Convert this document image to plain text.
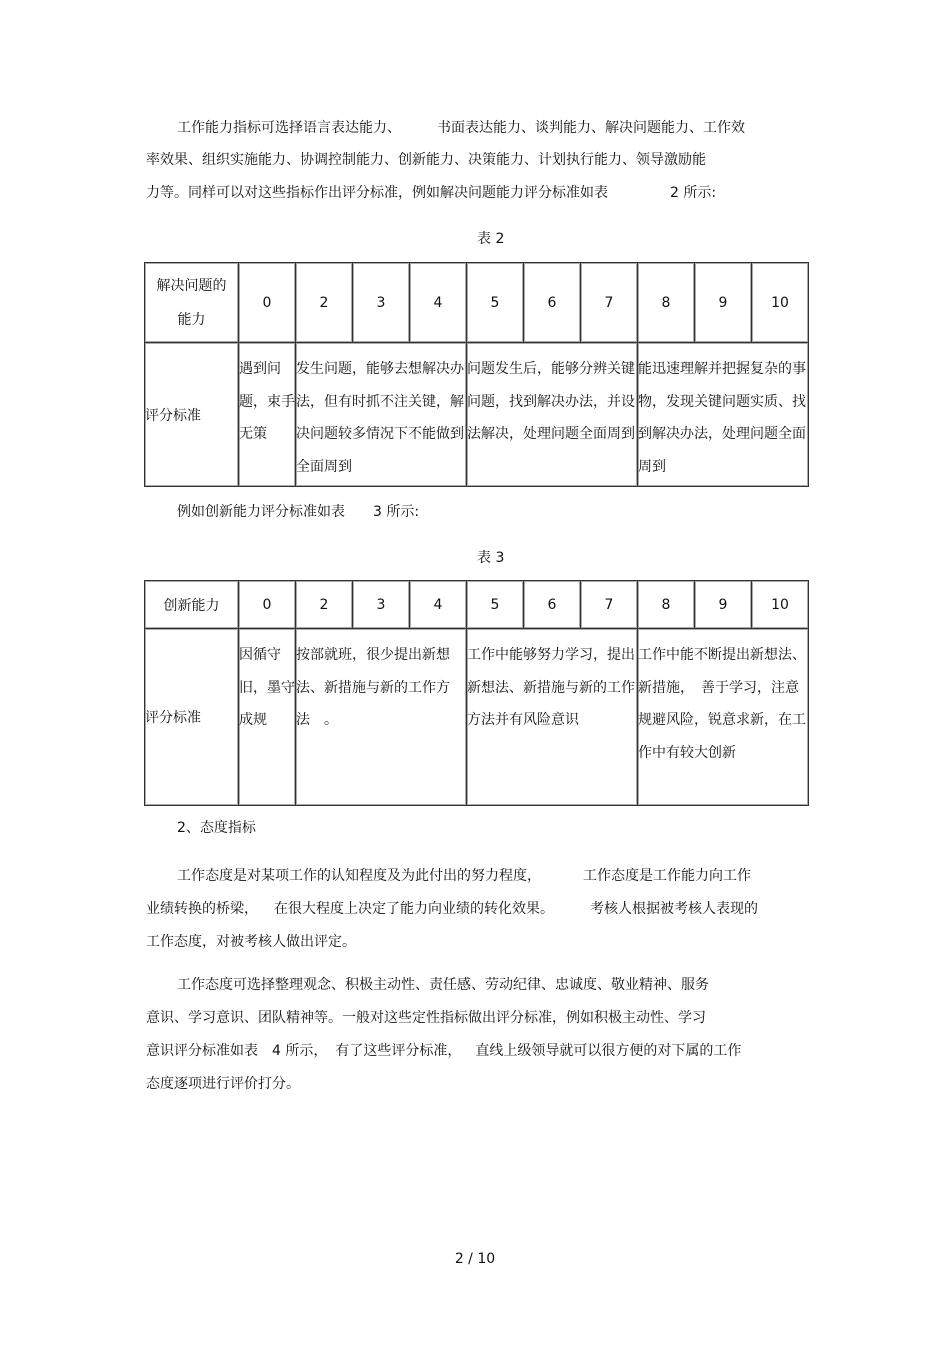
工作能力指标可选择语言表达能力、	书面表达能力、谈判能力、解决问题能力、工作效
率效果、组织实施能力、协调控制能力、创新能力、决策能力、计划执行能力、领导激励能
力等。同样可以对这些指标作出评分标准，例如解决问题能力评分标准如表	2 所示:
表 2
解决问题的
能力	0	2	3	4	5	6	7	8	9	10
评分标准	遇到问题，束手无策	发生问题，能够去想解决办法，但有时抓不注关键，解决问题较多情况下不能做到全面周到			问题发生后，能够分辨关键问题，找到解决办法，并设法解决，处理问题全面周到			能迅速理解并把握复杂的事物，发现关键问题实质、找到解决办法，处理问题全面周到		
例如创新能力评分标准如表 3 所示:
表 3
创新能力	0	2	3	4	5	6	7	8	9	10
评分标准	因循守旧，墨守成规	按部就班，很少提出新想法、新措施与新的工作方法　。			工作中能够努力学习，提出新想法、新措施与新的工作方法并有风险意识			工作中能不断提出新想法、新措施，　善于学习，注意规避风险，锐意求新，在工作中有较大创新		
2、态度指标
工作态度是对某项工作的认知程度及为此付出的努力程度，	工作态度是工作能力向工作
业绩转换的桥梁， 在很大程度上决定了能力向业绩的转化效果。	考核人根据被考核人表现的
工作态度，对被考核人做出评定。
工作态度可选择整理观念、积极主动性、责任感、劳动纪律、忠诚度、敬业精神、服务
意识、学习意识、团队精神等。一般对这些定性指标做出评分标准，例如积极主动性、学习
意识评分标准如表 4 所示， 有了这些评分标准， 直线上级领导就可以很方便的对下属的工作
态度逐项进行评价打分。
2 / 10
